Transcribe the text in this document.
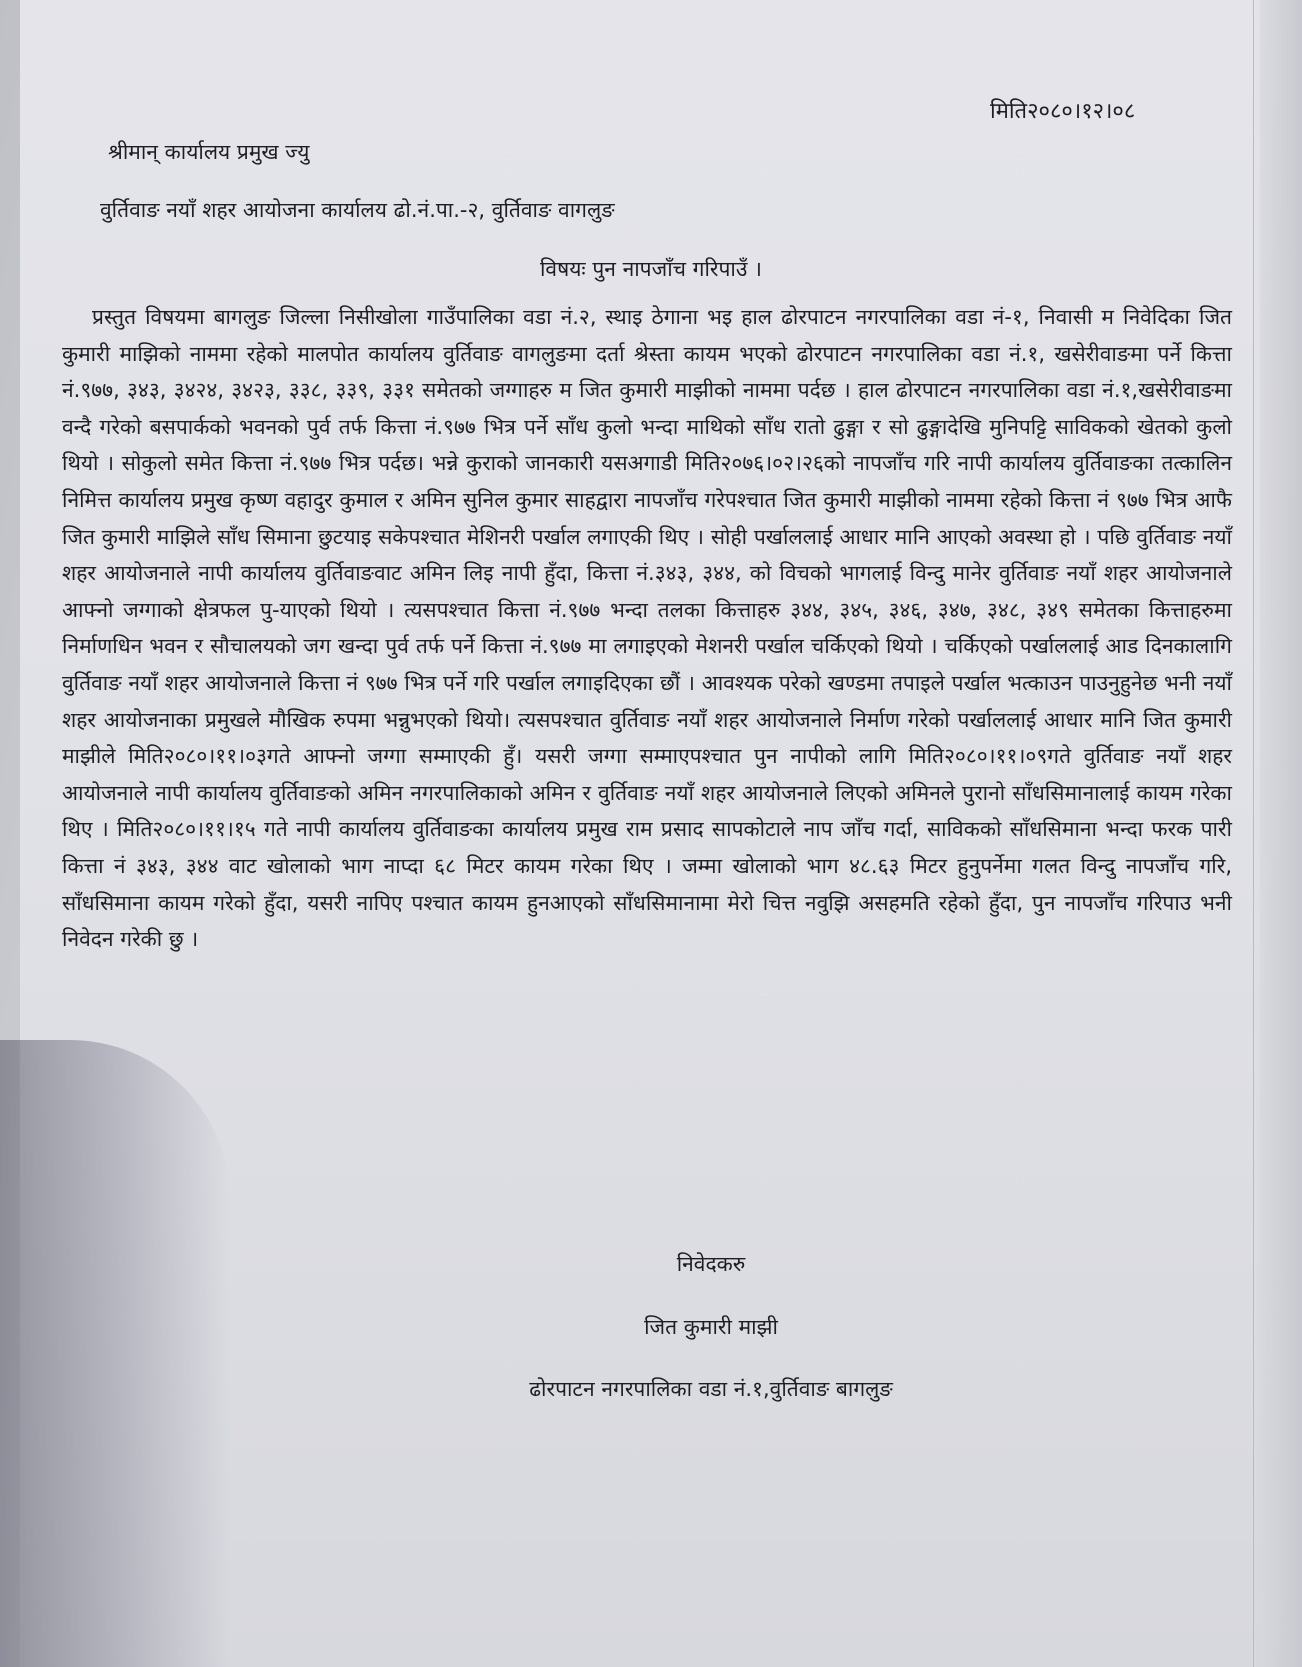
मिति२०८०।१२।०८
श्रीमान् कार्यालय प्रमुख ज्यु
वुर्तिवाङ नयाँ शहर आयोजना कार्यालय ढो.नं.पा.-२, वुर्तिवाङ वागलुङ
विषयः पुन नापजाँच गरिपाउँ ।

प्रस्तुत विषयमा बागलुङ जिल्ला निसीखोला गाउँपालिका वडा नं.२, स्थाइ ठेगाना भइ हाल ढोरपाटन नगरपालिका वडा नं-१, निवासी म निवेदिका जित कुमारी माझिको नाममा रहेको मालपोत कार्यालय वुर्तिवाङ वागलुङमा दर्ता श्रेस्ता कायम भएको ढोरपाटन नगरपालिका वडा नं.१, खसेरीवाङमा पर्ने कित्ता नं.९७७, ३४३, ३४२४, ३४२३, ३३८, ३३९, ३३१ समेतको जग्गाहरु म जित कुमारी माझीको नाममा पर्दछ । हाल ढोरपाटन नगरपालिका वडा नं.१,खसेरीवाङमा वन्दै गरेको बसपार्कको भवनको पुर्व तर्फ कित्ता नं.९७७ भित्र पर्ने साँध कुलो भन्दा माथिको साँध रातो ढुङ्गा र सो ढुङ्गादेखि मुनिपट्टि साविकको खेतको कुलो थियो । सोकुलो समेत कित्ता नं.९७७ भित्र पर्दछ। भन्ने कुराको जानकारी यसअगाडी मिति२०७६।०२।२६को नापजाँच गरि नापी कार्यालय वुर्तिवाङका तत्कालिन निमित्त कार्यालय प्रमुख कृष्ण वहादुर कुमाल र अमिन सुनिल कुमार साहद्वारा नापजाँच गरेपश्चात जित कुमारी माझीको नाममा रहेको कित्ता नं ९७७ भित्र आफै जित कुमारी माझिले साँध सिमाना छुटयाइ सकेपश्चात मेशिनरी पर्खाल लगाएकी थिए । सोही पर्खाललाई आधार मानि आएको अवस्था हो । पछि वुर्तिवाङ नयाँ शहर आयोजनाले नापी कार्यालय वुर्तिवाङवाट अमिन लिइ नापी हुँदा, कित्ता नं.३४३, ३४४, को विचको भागलाई विन्दु मानेर वुर्तिवाङ नयाँ शहर आयोजनाले आफ्नो जग्गाको क्षेत्रफल पु-याएको थियो । त्यसपश्चात कित्ता नं.९७७ भन्दा तलका कित्ताहरु ३४४, ३४५, ३४६, ३४७, ३४८, ३४९ समेतका कित्ताहरुमा निर्माणधिन भवन र सौचालयको जग खन्दा पुर्व तर्फ पर्ने कित्ता नं.९७७ मा लगाइएको मेशनरी पर्खाल चर्किएको थियो । चर्किएको पर्खाललाई आड दिनकालागि वुर्तिवाङ नयाँ शहर आयोजनाले कित्ता नं ९७७ भित्र पर्ने गरि पर्खाल लगाइदिएका छौं । आवश्यक परेको खण्डमा तपाइले पर्खाल भत्काउन पाउनुहुनेछ भनी नयाँ शहर आयोजनाका प्रमुखले मौखिक रुपमा भन्नुभएको थियो। त्यसपश्चात वुर्तिवाङ नयाँ शहर आयोजनाले निर्माण गरेको पर्खाललाई आधार मानि जित कुमारी माझीले मिति२०८०।११।०३गते आफ्नो जग्गा सम्माएकी हुँ। यसरी जग्गा सम्माएपश्चात पुन नापीको लागि मिति२०८०।११।०९गते वुर्तिवाङ नयाँ शहर आयोजनाले नापी कार्यालय वुर्तिवाङको अमिन नगरपालिकाको अमिन र वुर्तिवाङ नयाँ शहर आयोजनाले लिएको अमिनले पुरानो साँधसिमानालाई कायम गरेका थिए । मिति२०८०।११।१५ गते नापी कार्यालय वुर्तिवाङका कार्यालय प्रमुख राम प्रसाद सापकोटाले नाप जाँच गर्दा, साविकको साँधसिमाना भन्दा फरक पारी कित्ता नं ३४३, ३४४ वाट खोलाको भाग नाप्दा ६८ मिटर कायम गरेका थिए । जम्मा खोलाको भाग ४८.६३ मिटर हुनुपर्नेमा गलत विन्दु नापजाँच गरि, साँधसिमाना कायम गरेको हुँदा, यसरी नापिए पश्चात कायम हुनआएको साँधसिमानामा मेरो चित्त नवुझि असहमति रहेको हुँदा, पुन नापजाँच गरिपाउ भनी निवेदन गरेकी छु ।

निवेदकरु
जित कुमारी माझी
ढोरपाटन नगरपालिका वडा नं.१,वुर्तिवाङ बागलुङ
